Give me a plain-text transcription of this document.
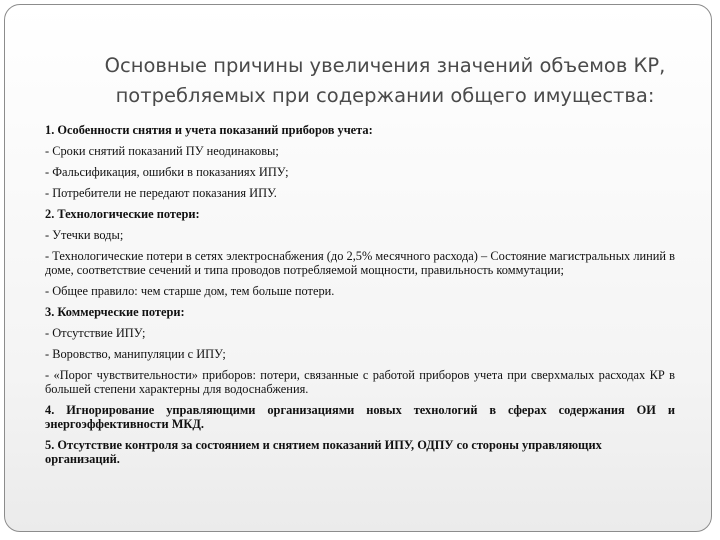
Основные причины увеличения значений объемов КР,
потребляемых при содержании общего имущества:
1. Особенности снятия и учета показаний приборов учета:
- Сроки снятий показаний ПУ неодинаковы;
- Фальсификация, ошибки в показаниях ИПУ;
- Потребители не передают показания ИПУ.
2. Технологические потери:
- Утечки воды;
- Технологические потери в сетях электроснабжения (до 2,5% месячного расхода) – Состояние магистральных линий в доме, соответствие сечений и типа проводов потребляемой мощности, правильность коммутации;
- Общее правило: чем старше дом, тем больше потери.
3. Коммерческие потери:
- Отсутствие ИПУ;
- Воровство, манипуляции с ИПУ;
- «Порог чувствительности» приборов: потери, связанные с работой приборов учета при сверхмалых расходах КР в большей степени характерны для водоснабжения.
4. Игнорирование управляющими организациями новых технологий в сферах содержания ОИ и энергоэффективности МКД.
5. Отсутствие контроля за состоянием и снятием показаний ИПУ, ОДПУ со стороны управляющих организаций.
